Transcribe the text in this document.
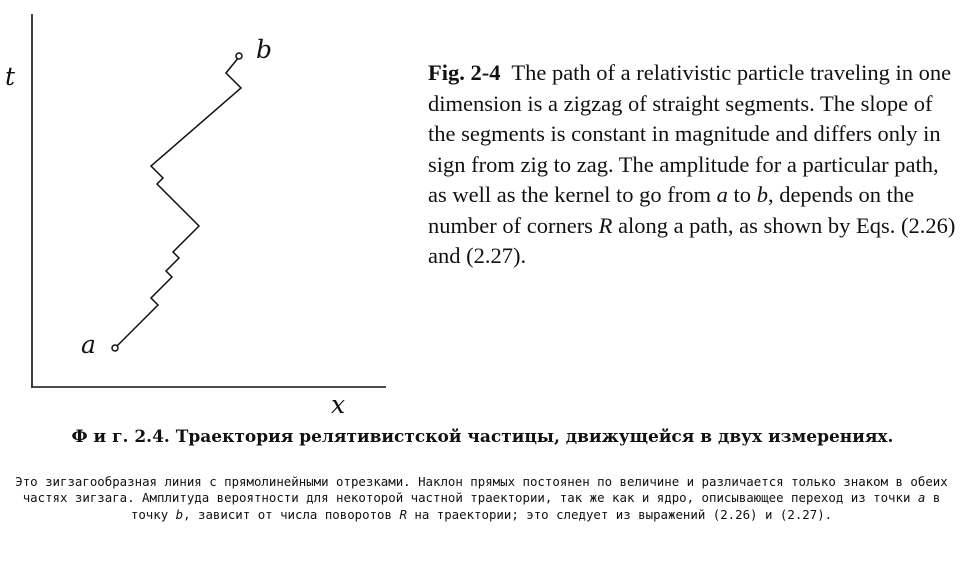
t
x
a
b

Fig. 2-4 The path of a relativistic particle traveling in one dimension is a zigzag of straight segments. The slope of the segments is constant in magnitude and differs only in sign from zig to zag. The amplitude for a particular path, as well as the kernel to go from a to b, depends on the number of corners R along a path, as shown by Eqs. (2.26) and (2.27).

Ф и г. 2.4. Траектория релятивистской частицы, движущейся в двух измерениях.

Это зигзагообразная линия с прямолинейными отрезками. Наклон прямых постоянен по величине и различается только знаком в обеих частях зигзага. Амплитуда вероятности для некоторой частной траектории, так же как и ядро, описывающее переход из точки a в точку b, зависит от числа поворотов R на траектории; это следует из выражений (2.26) и (2.27).
